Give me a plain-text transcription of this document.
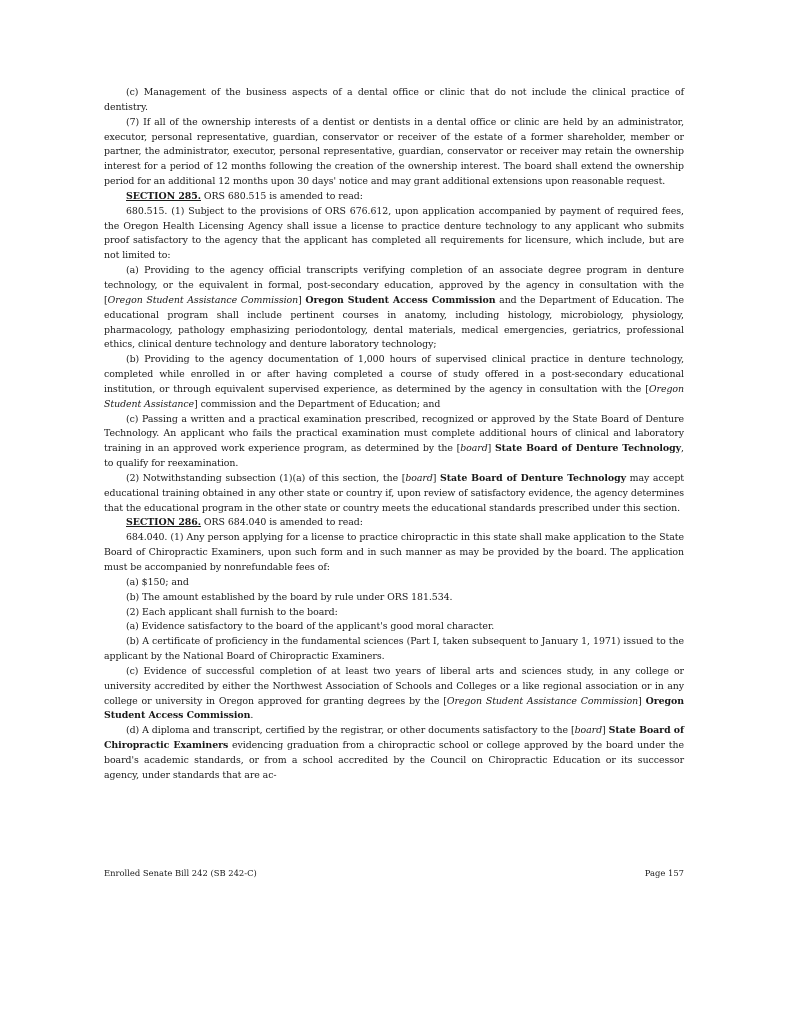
(c) Management of the business aspects of a dental office or clinic that do not include the clinical practice of dentistry.

(7) If all of the ownership interests of a dentist or dentists in a dental office or clinic are held by an administrator, executor, personal representative, guardian, conservator or receiver of the estate of a former shareholder, member or partner, the administrator, executor, personal representative, guardian, conservator or receiver may retain the ownership interest for a period of 12 months following the creation of the ownership interest. The board shall extend the ownership period for an additional 12 months upon 30 days' notice and may grant additional extensions upon reasonable request.

SECTION 285. ORS 680.515 is amended to read:

680.515. (1) Subject to the provisions of ORS 676.612, upon application accompanied by payment of required fees, the Oregon Health Licensing Agency shall issue a license to practice denture technology to any applicant who submits proof satisfactory to the agency that the applicant has completed all requirements for licensure, which include, but are not limited to:

(a) Providing to the agency official transcripts verifying completion of an associate degree program in denture technology, or the equivalent in formal, post-secondary education, approved by the agency in consultation with the [Oregon Student Assistance Commission] Oregon Student Access Commission and the Department of Education. The educational program shall include pertinent courses in anatomy, including histology, microbiology, physiology, pharmacology, pathology emphasizing periodontology, dental materials, medical emergencies, geriatrics, professional ethics, clinical denture technology and denture laboratory technology;

(b) Providing to the agency documentation of 1,000 hours of supervised clinical practice in denture technology, completed while enrolled in or after having completed a course of study offered in a post-secondary educational institution, or through equivalent supervised experience, as determined by the agency in consultation with the [Oregon Student Assistance] commission and the Department of Education; and

(c) Passing a written and a practical examination prescribed, recognized or approved by the State Board of Denture Technology. An applicant who fails the practical examination must complete additional hours of clinical and laboratory training in an approved work experience program, as determined by the [board] State Board of Denture Technology, to qualify for reexamination.

(2) Notwithstanding subsection (1)(a) of this section, the [board] State Board of Denture Technology may accept educational training obtained in any other state or country if, upon review of satisfactory evidence, the agency determines that the educational program in the other state or country meets the educational standards prescribed under this section.

SECTION 286. ORS 684.040 is amended to read:

684.040. (1) Any person applying for a license to practice chiropractic in this state shall make application to the State Board of Chiropractic Examiners, upon such form and in such manner as may be provided by the board. The application must be accompanied by nonrefundable fees of:

(a) $150; and

(b) The amount established by the board by rule under ORS 181.534.

(2) Each applicant shall furnish to the board:

(a) Evidence satisfactory to the board of the applicant's good moral character.

(b) A certificate of proficiency in the fundamental sciences (Part I, taken subsequent to January 1, 1971) issued to the applicant by the National Board of Chiropractic Examiners.

(c) Evidence of successful completion of at least two years of liberal arts and sciences study, in any college or university accredited by either the Northwest Association of Schools and Colleges or a like regional association or in any college or university in Oregon approved for granting degrees by the [Oregon Student Assistance Commission] Oregon Student Access Commission.

(d) A diploma and transcript, certified by the registrar, or other documents satisfactory to the [board] State Board of Chiropractic Examiners evidencing graduation from a chiropractic school or college approved by the board under the board's academic standards, or from a school accredited by the Council on Chiropractic Education or its successor agency, under standards that are ac-

Enrolled Senate Bill 242 (SB 242-C)	Page 157
